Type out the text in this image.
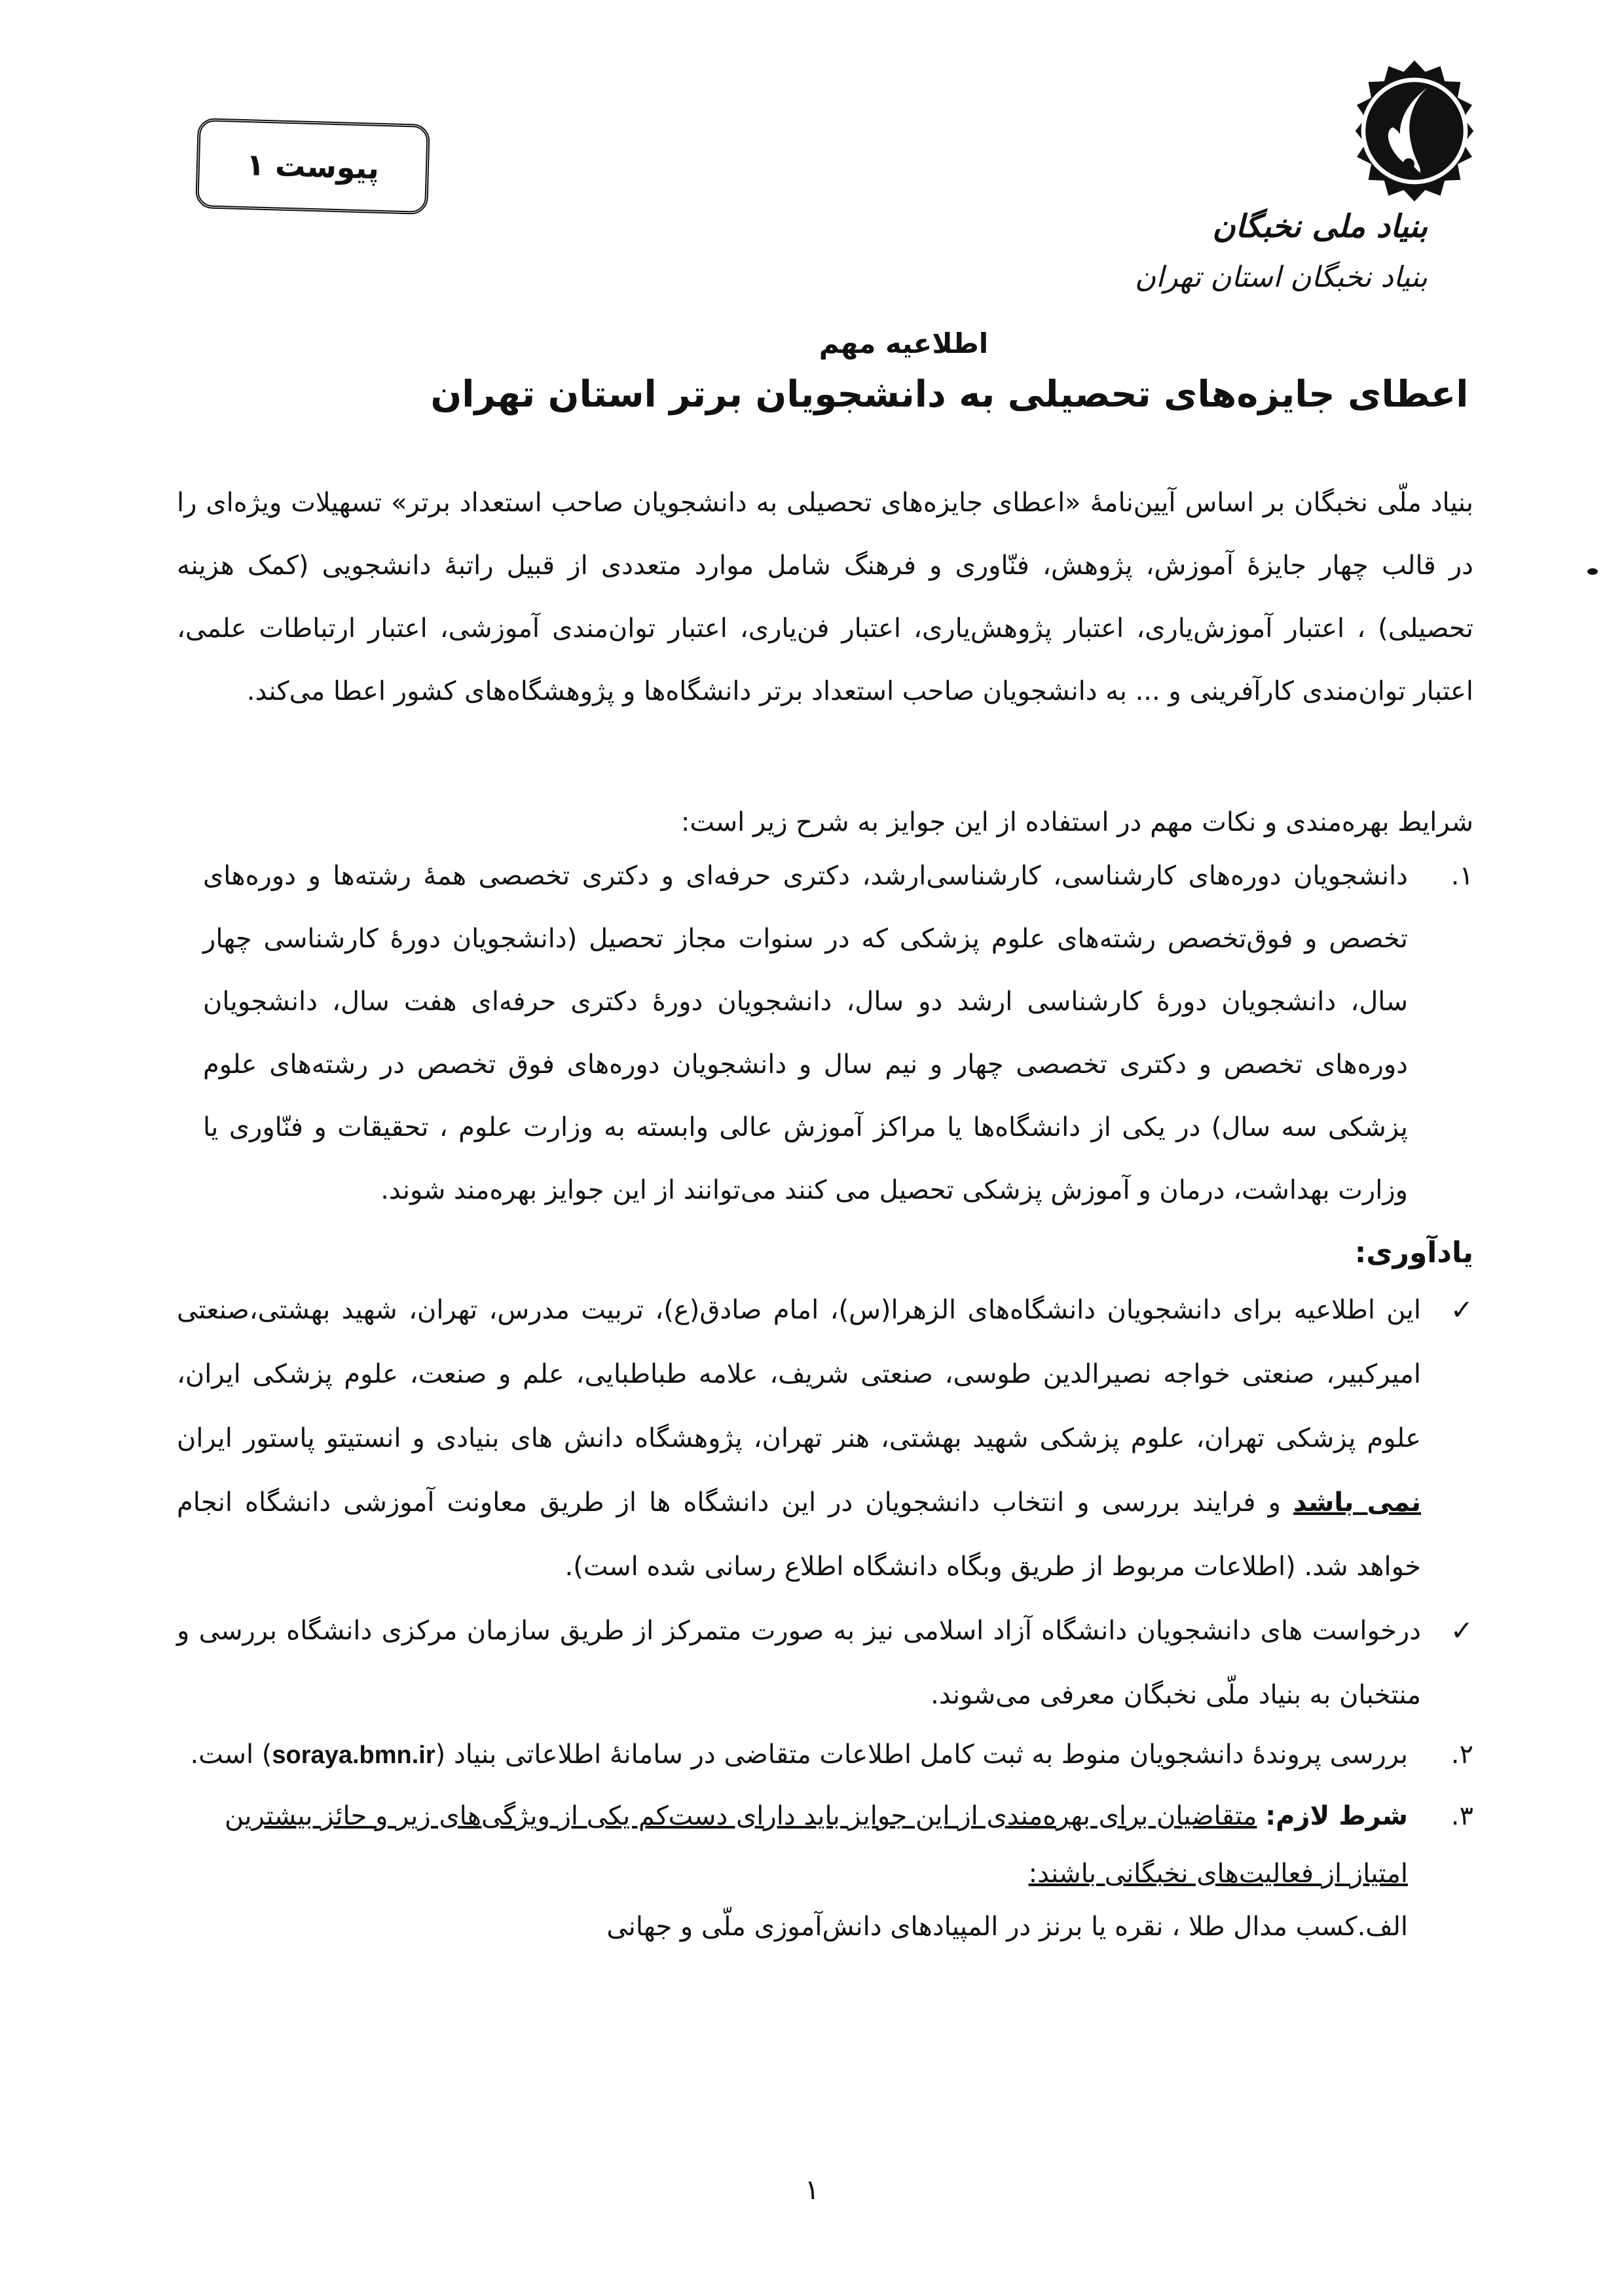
بنیاد ملی نخبگان
بنیاد نخبگان استان تهران
پیوست ۱
اطلاعیه مهم
اعطای جایزه‌های تحصیلی به دانشجویان برتر استان تهران
بنیاد ملّی نخبگان بر اساس آیین‌نامۀ «اعطای جایزه‌های تحصیلی به دانشجویان صاحب استعداد برتر» تسهیلات ویژه‌ای را در قالب چهار جایزۀ آموزش، پژوهش، فنّاوری و فرهنگ شامل موارد متعددی از قبیل راتبۀ دانشجویی (کمک هزینه تحصیلی) ، اعتبار آموزش‌یاری، اعتبار پژوهش‌یاری، اعتبار فن‌یاری، اعتبار توان‌مندی آموزشی، اعتبار ارتباطات علمی، اعتبار توان‌مندی کارآفرینی و ... به دانشجویان صاحب استعداد برتر دانشگاه‌ها و پژوهشگاه‌های کشور اعطا می‌کند.
شرایط بهره‌مندی و نکات مهم در استفاده از این جوایز به شرح زیر است:
۱.
دانشجویان دوره‌های کارشناسی، کارشناسی‌ارشد، دکتری حرفه‌ای و دکتری تخصصی همۀ رشته‌ها و دوره‌های تخصص و فوق‌تخصص رشته‌های علوم پزشکی که در سنوات مجاز تحصیل (دانشجویان دورۀ کارشناسی چهار سال، دانشجویان دورۀ کارشناسی ارشد دو سال، دانشجویان دورۀ دکتری حرفه‌ای هفت سال، دانشجویان دوره‌های تخصص و دکتری تخصصی چهار و نیم سال و دانشجویان دوره‌های فوق تخصص در رشته‌های علوم پزشکی سه سال) در یکی از دانشگاه‌ها یا مراکز آموزش عالی وابسته به وزارت علوم ، تحقیقات و فنّاوری یا وزارت بهداشت، درمان و آموزش پزشکی تحصیل می کنند می‌توانند از این جوایز بهره‌مند شوند.
یادآوری:
✓
این اطلاعیه برای دانشجویان دانشگاه‌های الزهرا(س)، امام صادق(ع)، تربیت مدرس، تهران، شهید بهشتی،صنعتی امیرکبیر، صنعتی خواجه نصیرالدین طوسی، صنعتی شریف، علامه طباطبایی، علم و صنعت، علوم پزشکی ایران، علوم پزشکی تهران، علوم پزشکی شهید بهشتی، هنر تهران، پژوهشگاه دانش های بنیادی و انستیتو پاستور ایران نمی باشد و فرایند بررسی و انتخاب دانشجویان در این دانشگاه ها از طریق معاونت آموزشی دانشگاه انجام خواهد شد. (اطلاعات مربوط از طریق وبگاه دانشگاه اطلاع رسانی شده است).
✓
درخواست های دانشجویان دانشگاه آزاد اسلامی نیز به صورت متمرکز از طریق سازمان مرکزی دانشگاه بررسی و منتخبان به بنیاد ملّی نخبگان معرفی می‌شوند.
۲.
بررسی پروندۀ دانشجویان منوط به ثبت کامل اطلاعات متقاضی در سامانۀ اطلاعاتی بنیاد (soraya.bmn.ir) است.
۳.
شرط لازم: متقاضیان برای بهره‌مندی از این جوایز باید دارای دست‌کم یکی از ویژگی‌های زیر و حائز بیشترین امتیاز از فعالیت‌های نخبگانی باشند:
الف.کسب مدال طلا ، نقره یا برنز در المپیادهای دانش‌آموزی ملّی و جهانی
۱
